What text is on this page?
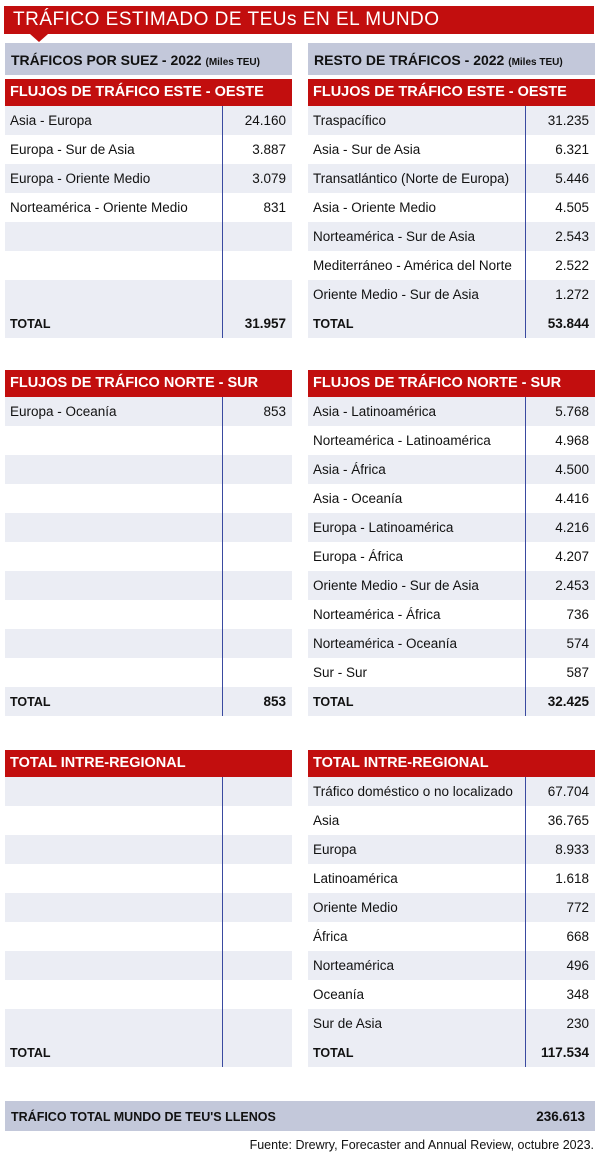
TRÁFICO ESTIMADO DE TEUs EN EL MUNDO
TRÁFICOS POR SUEZ - 2022 (Miles TEU)	RESTO DE TRÁFICOS - 2022 (Miles TEU)
FLUJOS DE TRÁFICO ESTE - OESTE
Asia - Europa	24.160
Europa - Sur de Asia	3.887
Europa - Oriente Medio	3.079
Norteamérica - Oriente Medio	831
TOTAL	31.957
FLUJOS DE TRÁFICO ESTE - OESTE
Traspacífico	31.235
Asia - Sur de Asia	6.321
Transatlántico (Norte de Europa)	5.446
Asia - Oriente Medio	4.505
Norteamérica - Sur de Asia	2.543
Mediterráneo - América del Norte	2.522
Oriente Medio - Sur de Asia	1.272
TOTAL	53.844
FLUJOS DE TRÁFICO NORTE - SUR
Europa - Oceanía	853
TOTAL	853
FLUJOS DE TRÁFICO NORTE - SUR
Asia - Latinoamérica	5.768
Norteamérica - Latinoamérica	4.968
Asia - África	4.500
Asia - Oceanía	4.416
Europa - Latinoamérica	4.216
Europa - África	4.207
Oriente Medio - Sur de Asia	2.453
Norteamérica - África	736
Norteamérica - Oceanía	574
Sur - Sur	587
TOTAL	32.425
TOTAL INTRE-REGIONAL
TOTAL
TOTAL INTRE-REGIONAL
Tráfico doméstico o no localizado	67.704
Asia	36.765
Europa	8.933
Latinoamérica	1.618
Oriente Medio	772
África	668
Norteamérica	496
Oceanía	348
Sur de Asia	230
TOTAL	117.534
TRÁFICO TOTAL MUNDO DE TEU'S LLENOS	236.613
Fuente: Drewry, Forecaster and Annual Review, octubre 2023.
